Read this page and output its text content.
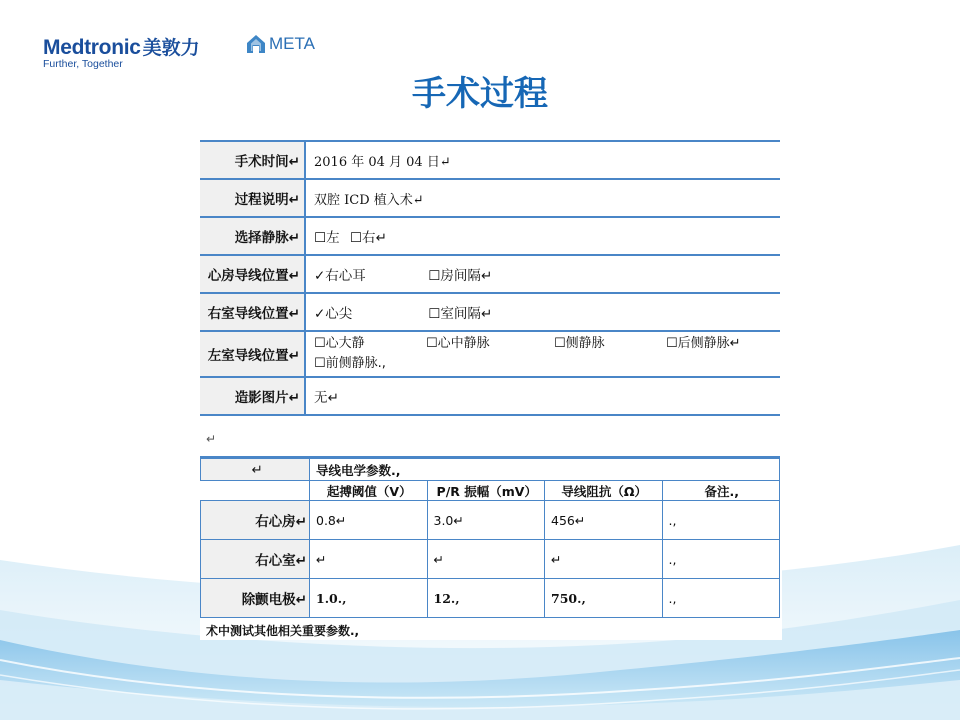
Medtronic 美敦力
Further, Together
META
手术过程
手术时间↵	2016 年 04 月 04 日↵
过程说明↵	双腔 ICD 植入术↵
选择静脉↵	☐左 ☐右↵
心房导线位置↵	✓右心耳 ☐房间隔↵
右室导线位置↵	✓心尖 ☐室间隔↵
左室导线位置↵	☐心大静 ☐心中静脉 ☐侧静脉 ☐后侧静脉↵
☐前侧静脉.,

造影图片↵	无↵
↵
↵	导线电学参数.,			
	起搏阈值（V）	P/R 振幅（mV）	导线阻抗（Ω）	备注.,
右心房↵	0.8↵	3.0↵	456↵	.,
右心室↵	↵	↵	↵	.,
除颤电极↵	1.0.,	12.,	750.,	.,
术中测试其他相关重要参数.,
